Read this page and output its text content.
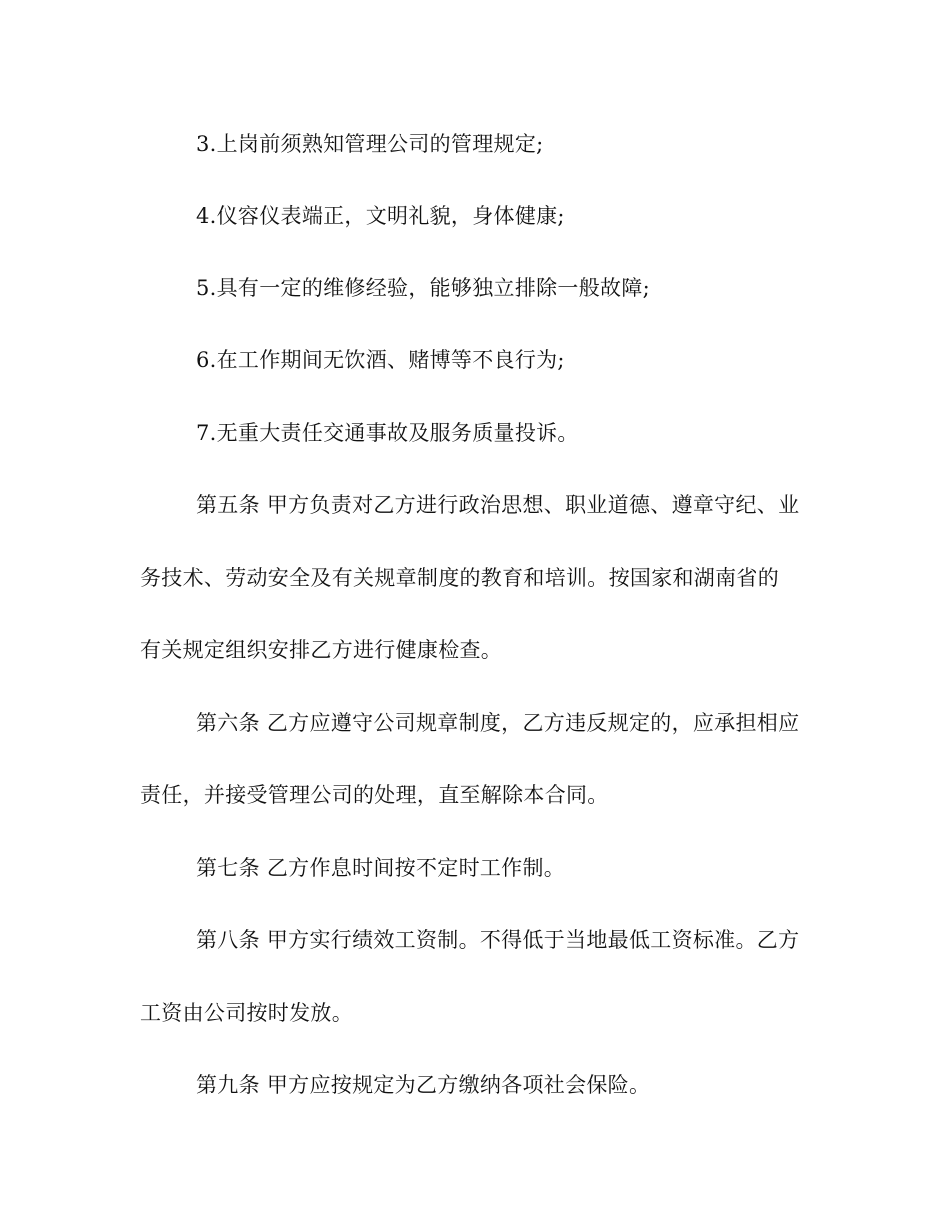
3.上岗前须熟知管理公司的管理规定;
4.仪容仪表端正，文明礼貌，身体健康;
5.具有一定的维修经验，能够独立排除一般故障;
6.在工作期间无饮酒、赌博等不良行为;
7.无重大责任交通事故及服务质量投诉。
第五条 甲方负责对乙方进行政治思想、职业道德、遵章守纪、业
务技术、劳动安全及有关规章制度的教育和培训。按国家和湖南省的
有关规定组织安排乙方进行健康检查。
第六条 乙方应遵守公司规章制度，乙方违反规定的，应承担相应
责任，并接受管理公司的处理，直至解除本合同。
第七条 乙方作息时间按不定时工作制。
第八条 甲方实行绩效工资制。不得低于当地最低工资标准。乙方
工资由公司按时发放。
第九条 甲方应按规定为乙方缴纳各项社会保险。
